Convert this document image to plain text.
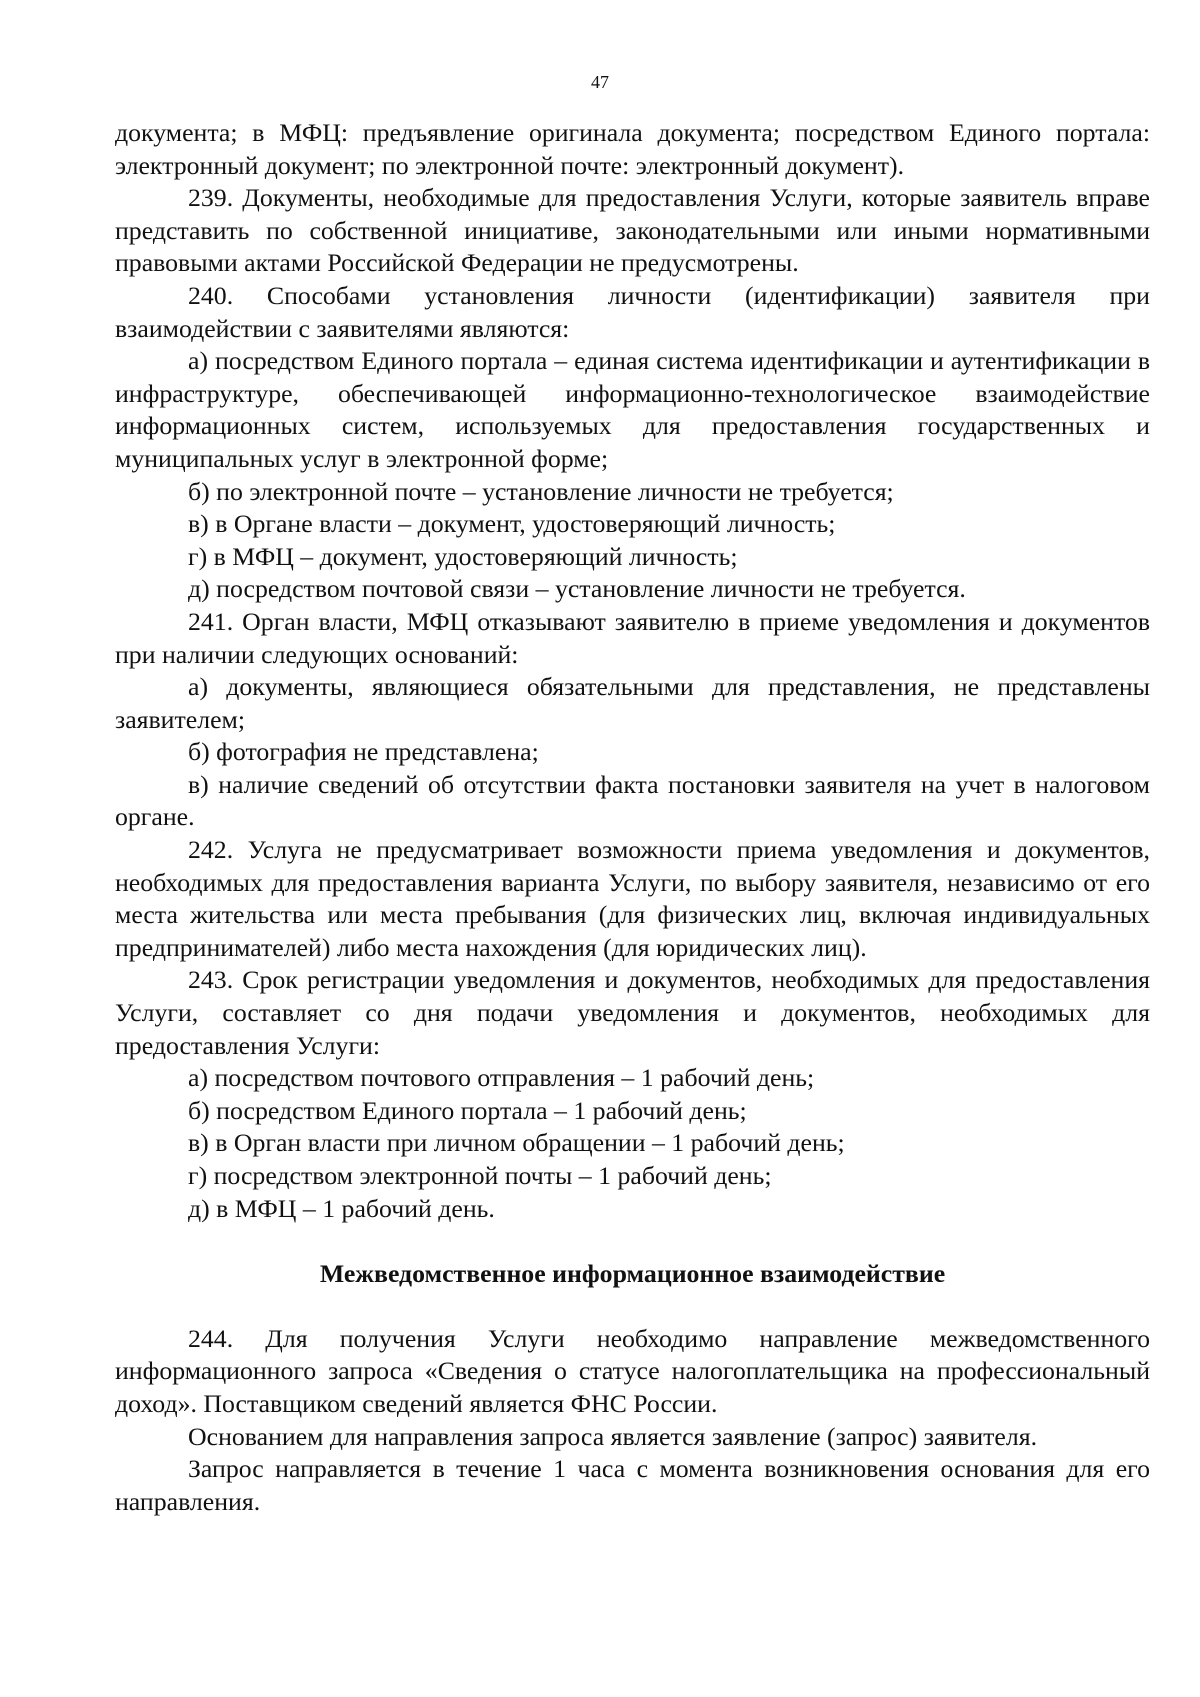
47

документа; в МФЦ: предъявление оригинала документа; посредством Единого портала: электронный документ; по электронной почте: электронный документ).

239. Документы, необходимые для предоставления Услуги, которые заявитель вправе представить по собственной инициативе, законодательными или иными нормативными правовыми актами Российской Федерации не предусмотрены.

240. Способами установления личности (идентификации) заявителя при взаимодействии с заявителями являются:

а) посредством Единого портала – единая система идентификации и аутентификации в инфраструктуре, обеспечивающей информационно-технологическое взаимодействие информационных систем, используемых для предоставления государственных и муниципальных услуг в электронной форме;

б) по электронной почте – установление личности не требуется;

в) в Органе власти – документ, удостоверяющий личность;

г) в МФЦ – документ, удостоверяющий личность;

д) посредством почтовой связи – установление личности не требуется.

241. Орган власти, МФЦ отказывают заявителю в приеме уведомления и документов при наличии следующих оснований:

а) документы, являющиеся обязательными для представления, не представлены заявителем;

б) фотография не представлена;

в) наличие сведений об отсутствии факта постановки заявителя на учет в налоговом органе.

242. Услуга не предусматривает возможности приема уведомления и документов, необходимых для предоставления варианта Услуги, по выбору заявителя, независимо от его места жительства или места пребывания (для физических лиц, включая индивидуальных предпринимателей) либо места нахождения (для юридических лиц).

243. Срок регистрации уведомления и документов, необходимых для предоставления Услуги, составляет со дня подачи уведомления и документов, необходимых для предоставления Услуги:

а) посредством почтового отправления – 1 рабочий день;

б) посредством Единого портала – 1 рабочий день;

в) в Орган власти при личном обращении – 1 рабочий день;

г) посредством электронной почты – 1 рабочий день;

д) в МФЦ – 1 рабочий день.

Межведомственное информационное взаимодействие

244. Для получения Услуги необходимо направление межведомственного информационного запроса «Сведения о статусе налогоплательщика на профессиональный доход». Поставщиком сведений является ФНС России.

Основанием для направления запроса является заявление (запрос) заявителя.

Запрос направляется в течение 1 часа с момента возникновения основания для его направления.
